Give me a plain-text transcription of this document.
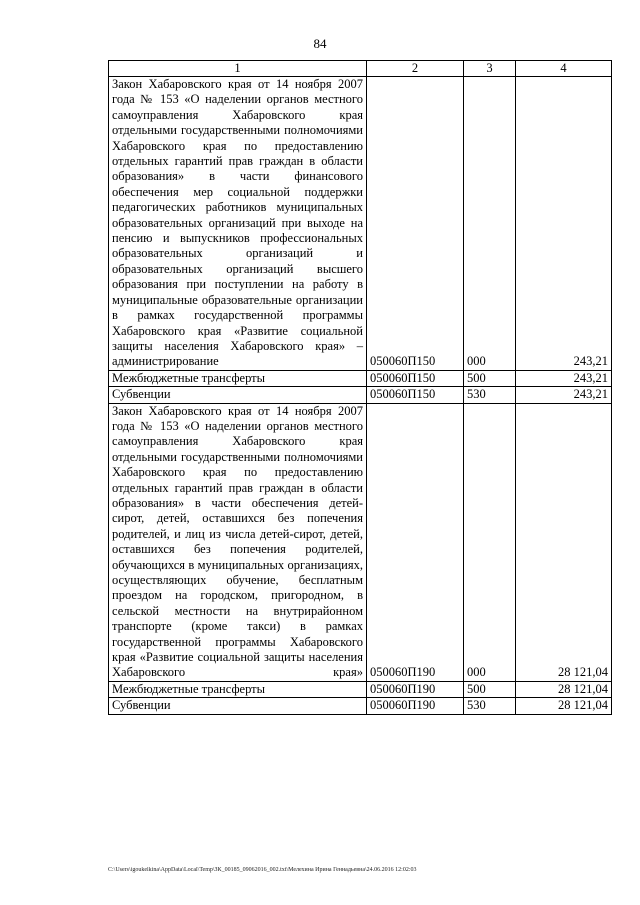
84
1	2	3	4
Закон Хабаровского края от 14 ноября 2007 года № 153 «О наделении органов местного самоуправления Хабаровского края отдельными государственными полномочиями Хабаровского края по предоставлению отдельных гарантий прав граждан в области образования» в части финансового обеспечения мер социальной поддержки педагогических работников муниципальных образовательных организаций при выходе на пенсию и выпускников профессиональных образовательных организаций и образовательных организаций высшего образования при поступлении на работу в муниципальные образовательные организации в рамках государственной программы Хабаровского края «Развитие социальной защиты населения Хабаровского края» – администрирование	050060П150	000	243,21
Межбюджетные трансферты	050060П150	500	243,21
Субвенции	050060П150	530	243,21
Закон Хабаровского края от 14 ноября 2007 года № 153 «О наделении органов местного самоуправления Хабаровского края отдельными государственными полномочиями Хабаровского края по предоставлению отдельных гарантий прав граждан в области образования» в части обеспечения детей-сирот, детей, оставшихся без попечения родителей, и лиц из числа детей-сирот, детей, оставшихся без попечения родителей, обучающихся в муниципальных организациях, осуществляющих обучение, бесплатным проездом на городском, пригородном, в сельской местности на внутрирайонном транспорте (кроме такси) в рамках государственной программы Хабаровского края «Развитие социальной защиты населения Хабаровского края»	050060П190	000	28 121,04
Межбюджетные трансферты	050060П190	500	28 121,04
Субвенции	050060П190	530	28 121,04
C:\Users\igoukelkina\AppData\Local\Temp\ЗК_00185_09062016_002.txt\Мелехина Ирина Геннадьевна\24.06.2016 12:02:03
